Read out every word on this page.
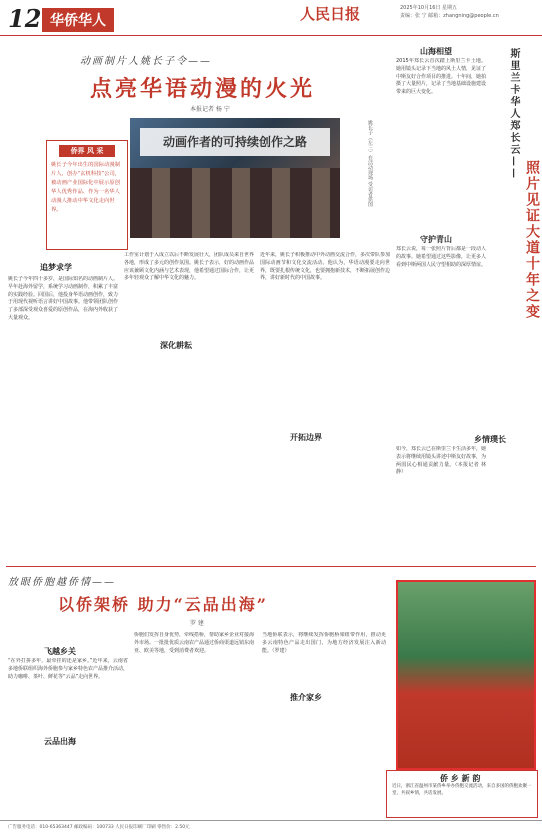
12 华侨华人	人民日报	2025年10月16日 星期五
责编：张 宁 邮箱：zhangning@people.cn
动画制片人姚长子令——
点亮华语动漫的火光
本报记者 杨 宁
侨界 风 采
姚长子今年出生的国际动漫制片人，创办“玄机科技”公司，被动画产业国际化中展示原创华人优秀作品、作为一名华人动漫人推动中华文化走向世界。
动画作者的可持续创作之路	姚长子（左三）在活动现场 受访者供图
追梦求学
姚长子今年四十多岁，是国际知名的动画制片人。早年赴海外留学，系统学习动画制作，积累了丰富的实践经验。回国后，他投身华语动画创作，致力于用现代视听语言讲好中国故事。他带领团队创作了多部深受观众喜爱的原创作品，在海内外收获了大量观众。
深化耕耘
工作室计划于入成立以后不断发展壮大，团队成员来自世界各地，形成了多元的创作氛围。姚长子表示，好的动画作品应该兼顾文化内涵与艺术表现，他希望通过国际合作，让更多年轻观众了解中华文化的魅力。
开拓边界
近年来，姚长子积极推动中外动画交流合作，多次带队参加国际动画节和文化交流活动。他认为，华语动漫要走向世界，既要扎根传统文化，也要拥抱新技术，不断拓展创作边界，讲好新时代的中国故事。
斯里兰卡华人郑长云——
照片见证大道十年之变
山海相望
2015年郑长云首次踏上斯里兰卡土地。她用镜头记录下当地的风土人情，见证了中斯友好合作项目的推进。十年间，她拍摄了大量照片，记录了当地基础设施建设带来的巨大变化。
守护青山
郑长云说，每一张照片背后都是一段动人的故事。她希望通过这些影像，让更多人看到中斯两国人民守望相助的深厚情谊。
乡情璞长
如今，郑长云已在斯里兰卡生活多年，她表示将继续用镜头讲述中斯友好故事，为两国民心相通贡献力量。（本报记者 林静）
放眼侨胞越侨情——
以侨架桥 助力“云品出海”
罗 建
飞越乡关
“在外打拼多年，最牵挂的还是家乡。”近年来，云南省多地侨联组织海外侨胞参与家乡特色农产品推介活动，助力咖啡、茶叶、鲜花等“云品”走向世界。
云品出海
侨胞们发挥自身优势，牵线搭桥，帮助家乡企业对接海外市场。一批批优质云南农产品通过侨商渠道远销东南亚、欧美等地，受到消费者欢迎。
推介家乡
当地侨联表示，将继续发挥侨胞桥梁纽带作用，推动更多云南特色产品走出国门，为地方经济发展注入新动能。（罗建）
侨 乡 新 韵
近日，浙江省温州市某侨乡举办侨胞交流活动，来自多国的侨胞欢聚一堂，共叙乡情，共话发展。
广告服务电话：010-65363447 邮政编码：100733 人民日报印刷厂印刷 零售价：2.50元
